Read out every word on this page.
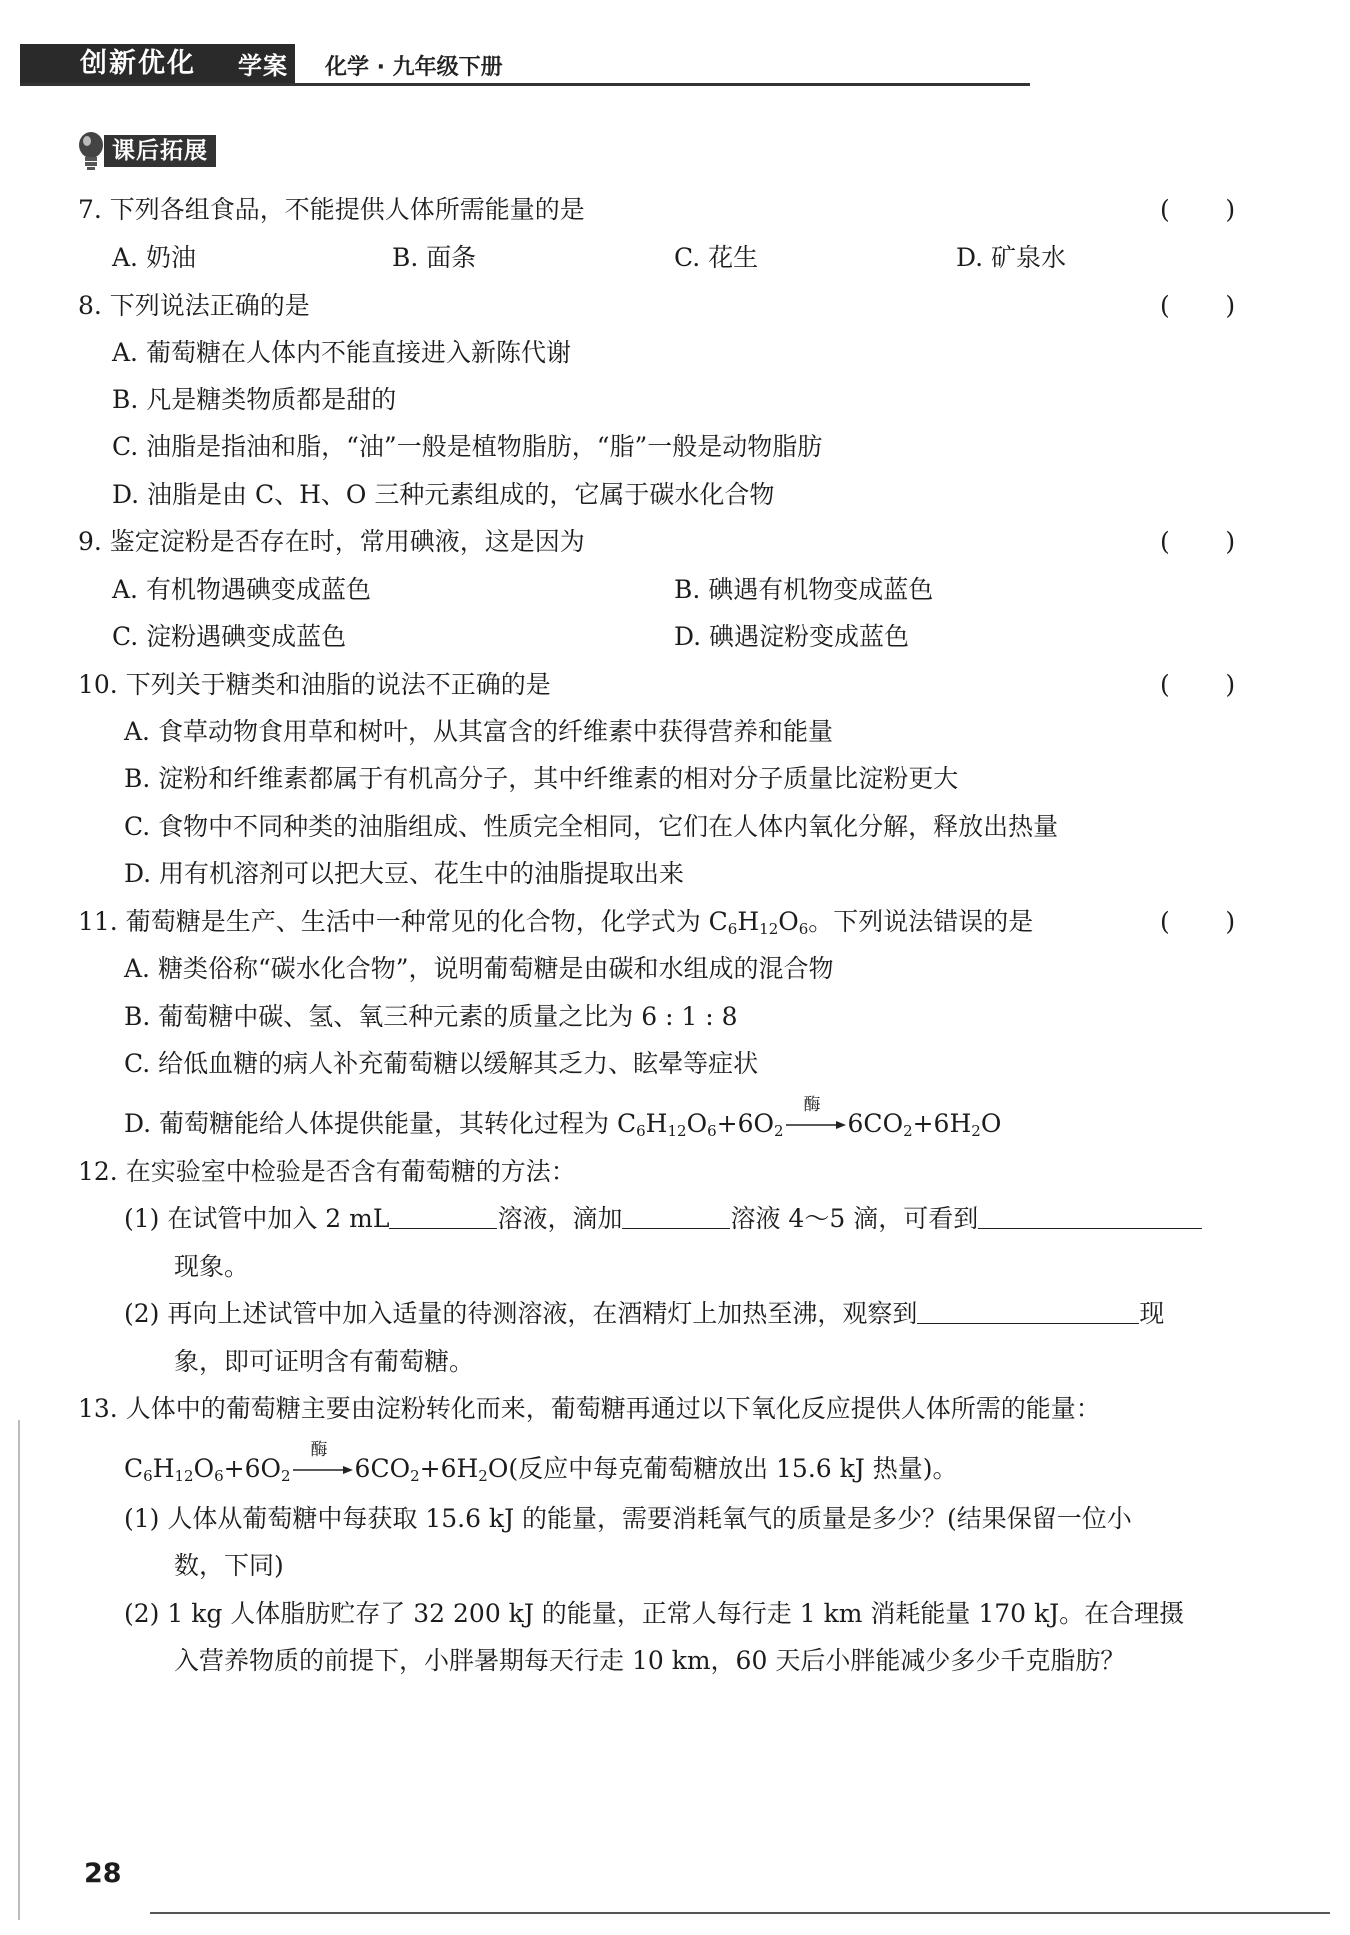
创新优化 学案 化学 · 九年级下册
课后拓展
7. 下列各组食品，不能提供人体所需能量的是	(       )
A. 奶油	B. 面条	C. 花生	D. 矿泉水
8. 下列说法正确的是	(       )
A. 葡萄糖在人体内不能直接进入新陈代谢
B. 凡是糖类物质都是甜的
C. 油脂是指油和脂，“油”一般是植物脂肪，“脂”一般是动物脂肪
D. 油脂是由 C、H、O 三种元素组成的，它属于碳水化合物
9. 鉴定淀粉是否存在时，常用碘液，这是因为	(       )
A. 有机物遇碘变成蓝色	B. 碘遇有机物变成蓝色
C. 淀粉遇碘变成蓝色	D. 碘遇淀粉变成蓝色
10. 下列关于糖类和油脂的说法不正确的是	(       )
A. 食草动物食用草和树叶，从其富含的纤维素中获得营养和能量
B. 淀粉和纤维素都属于有机高分子，其中纤维素的相对分子质量比淀粉更大
C. 食物中不同种类的油脂组成、性质完全相同，它们在人体内氧化分解，释放出热量
D. 用有机溶剂可以把大豆、花生中的油脂提取出来
11. 葡萄糖是生产、生活中一种常见的化合物，化学式为 $C_6H_{12}O_6$。下列说法错误的是	(       )
A. 糖类俗称“碳水化合物”，说明葡萄糖是由碳和水组成的混合物
B. 葡萄糖中碳、氢、氧三种元素的质量之比为 6 : 1 : 8
C. 给低血糖的病人补充葡萄糖以缓解其乏力、眩晕等症状
D. 葡萄糖能给人体提供能量，其转化过程为 $C_6H_{12}O_6+6O_2$
酶
$6CO_2+6H_2O$
12. 在实验室中检验是否含有葡萄糖的方法：
(1) 在试管中加入 2 mL	溶液，滴加	溶液 4～5 滴，可看到
现象。
(2) 再向上述试管中加入适量的待测溶液，在酒精灯上加热至沸，观察到	现
象，即可证明含有葡萄糖。
13. 人体中的葡萄糖主要由淀粉转化而来，葡萄糖再通过以下氧化反应提供人体所需的能量：
$C_6H_{12}O_6+6O_2$
酶
$6CO_2+6H_2O$(反应中每克葡萄糖放出 15.6 kJ 热量)。
(1) 人体从葡萄糖中每获取 15.6 kJ 的能量，需要消耗氧气的质量是多少？(结果保留一位小
数，下同)
(2) 1 kg 人体脂肪贮存了 32 200 kJ 的能量，正常人每行走 1 km 消耗能量 170 kJ。在合理摄
入营养物质的前提下，小胖暑期每天行走 10 km，60 天后小胖能减少多少千克脂肪？
28
